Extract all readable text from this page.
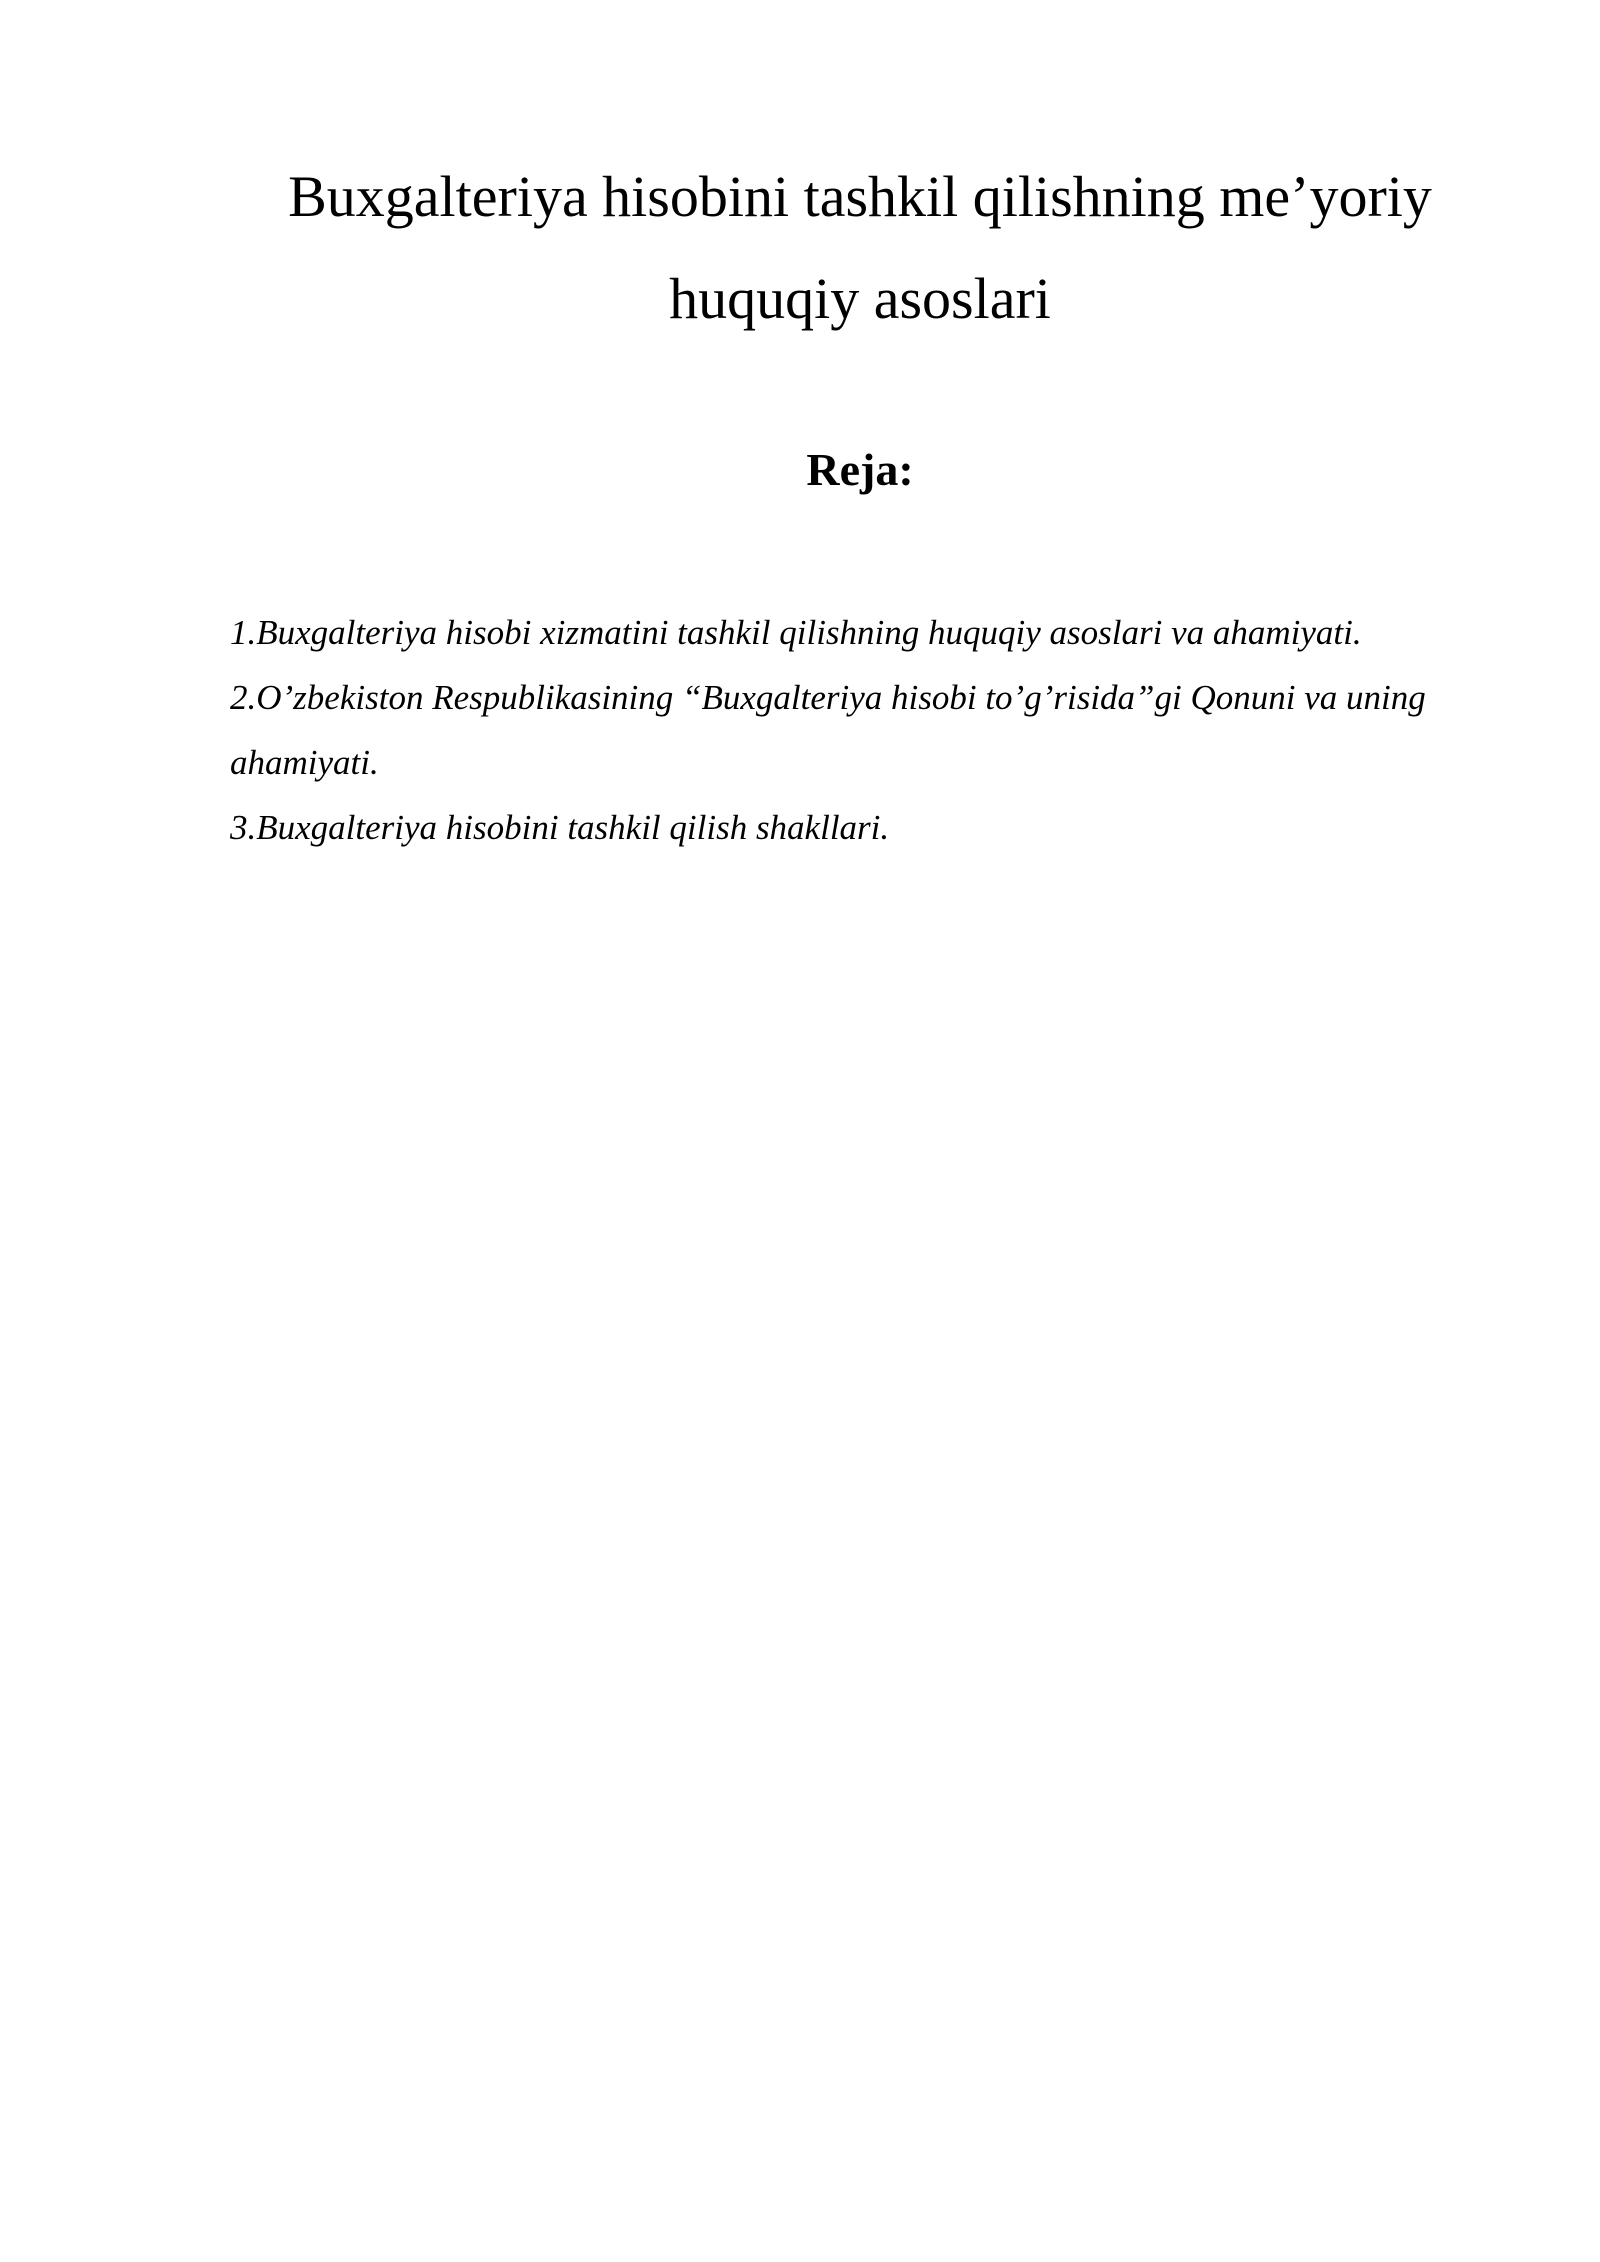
Buxgalteriya hisobini tashkil qilishning me’yoriy
huquqiy asoslari
Reja:
1.Buxgalteriya hisobi xizmatini tashkil qilishning huquqiy asoslari va ahamiyati.
2.O’zbekiston Respublikasining “Buxgalteriya hisobi to’g’risida”gi Qonuni va uning ahamiyati.
3.Buxgalteriya hisobini tashkil qilish shakllari.
